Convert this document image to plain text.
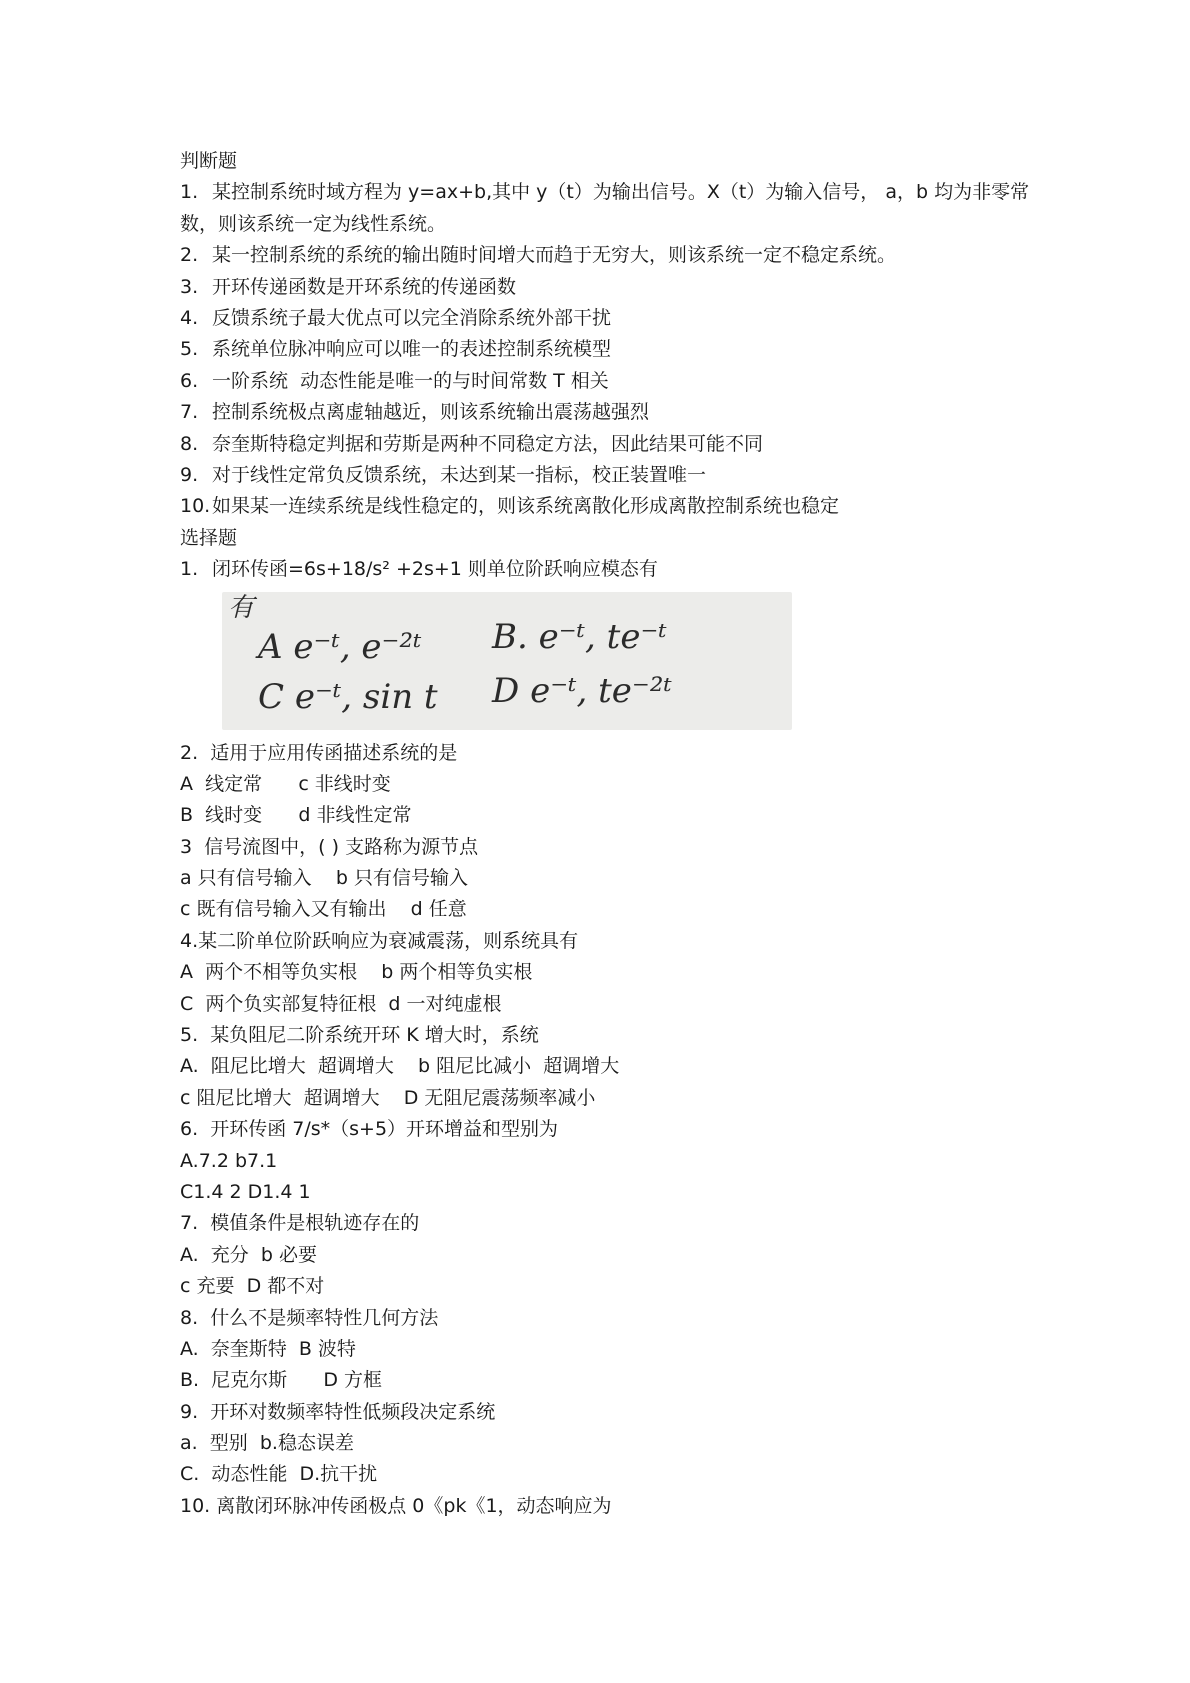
判断题
1. 某控制系统时域方程为 y=ax+b,其中 y（t）为输出信号。X（t）为输入信号， a，b 均为非零常数，则该系统一定为线性系统。
2. 某一控制系统的系统的输出随时间增大而趋于无穷大，则该系统一定不稳定系统。
3. 开环传递函数是开环系统的传递函数
4. 反馈系统子最大优点可以完全消除系统外部干扰
5. 系统单位脉冲响应可以唯一的表述控制系统模型
6. 一阶系统  动态性能是唯一的与时间常数 T 相关
7. 控制系统极点离虚轴越近，则该系统输出震荡越强烈
8. 奈奎斯特稳定判据和劳斯是两种不同稳定方法，因此结果可能不同
9. 对于线性定常负反馈系统，未达到某一指标，校正装置唯一
10.如果某一连续系统是线性稳定的，则该系统离散化形成离散控制系统也稳定
选择题
1. 闭环传函=6s+18/s² +2s+1 则单位阶跃响应模态有
有
A e⁻ᵗ, e⁻²ᵗ B. e⁻ᵗ, te⁻ᵗ
C e⁻ᵗ, sin t D e⁻ᵗ, te⁻²ᵗ
2.  适用于应用传函描述系统的是
A  线定常      c 非线时变
B  线时变      d 非线性定常
3  信号流图中，( ) 支路称为源节点
a 只有信号输入    b 只有信号输入
c 既有信号输入又有输出    d 任意
4.某二阶单位阶跃响应为衰减震荡，则系统具有
A  两个不相等负实根    b 两个相等负实根
C  两个负实部复特征根  d 一对纯虚根
5.  某负阻尼二阶系统开环 K 增大时，系统
A.  阻尼比增大  超调增大    b 阻尼比减小  超调增大
c 阻尼比增大  超调增大    D 无阻尼震荡频率减小
6.  开环传函 7/s*（s+5）开环增益和型别为
A.7.2 b7.1
C1.4 2 D1.4 1
7.  模值条件是根轨迹存在的
A.  充分  b 必要
c 充要  D 都不对
8.  什么不是频率特性几何方法
A.  奈奎斯特  B 波特
B.  尼克尔斯      D 方框
9.  开环对数频率特性低频段决定系统
a.  型别  b.稳态误差
C.  动态性能  D.抗干扰
10. 离散闭环脉冲传函极点 0《pk《1，动态响应为
